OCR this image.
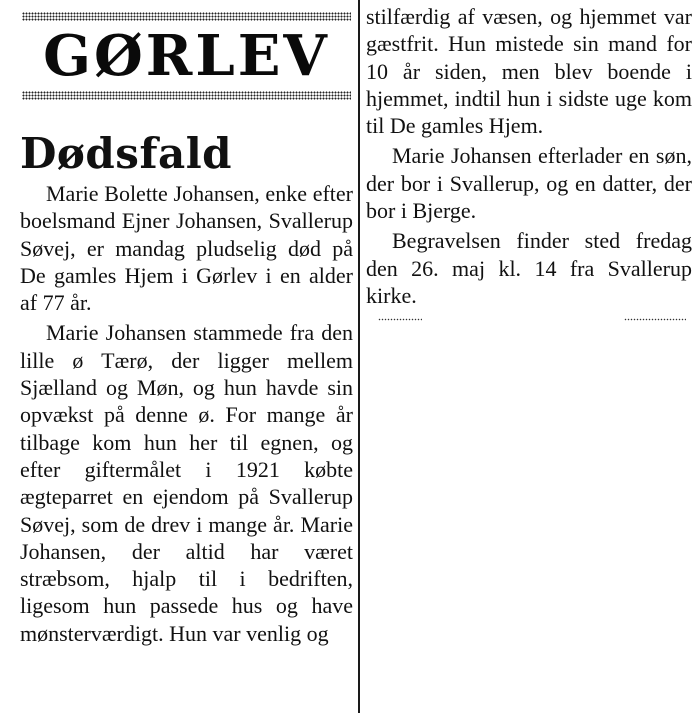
GØRLEV
Dødsfald

Marie Bolette Johansen, enke efter boelsmand Ejner Johansen, Svallerup Søvej, er mandag pludselig død på De gamles Hjem i Gørlev i en alder af 77 år.

Marie Johansen stammede fra den lille ø Tærø, der ligger mellem Sjælland og Møn, og hun havde sin opvækst på denne ø. For mange år tilbage kom hun her til egnen, og efter giftermålet i 1921 købte ægteparret en ejendom på Svallerup Søvej, som de drev i mange år. Marie Johansen, der altid har været stræbsom, hjalp til i bedriften, ligesom hun passede hus og have mønsterværdigt. Hun var venlig og

stilfærdig af væsen, og hjemmet var gæstfrit. Hun mistede sin mand for 10 år siden, men blev boende i hjemmet, indtil hun i sidste uge kom til De gamles Hjem.

Marie Johansen efterlader en søn, der bor i Svallerup, og en datter, der bor i Bjerge.

Begravelsen finder sted fredag den 26. maj kl. 14 fra Svallerup kirke.
